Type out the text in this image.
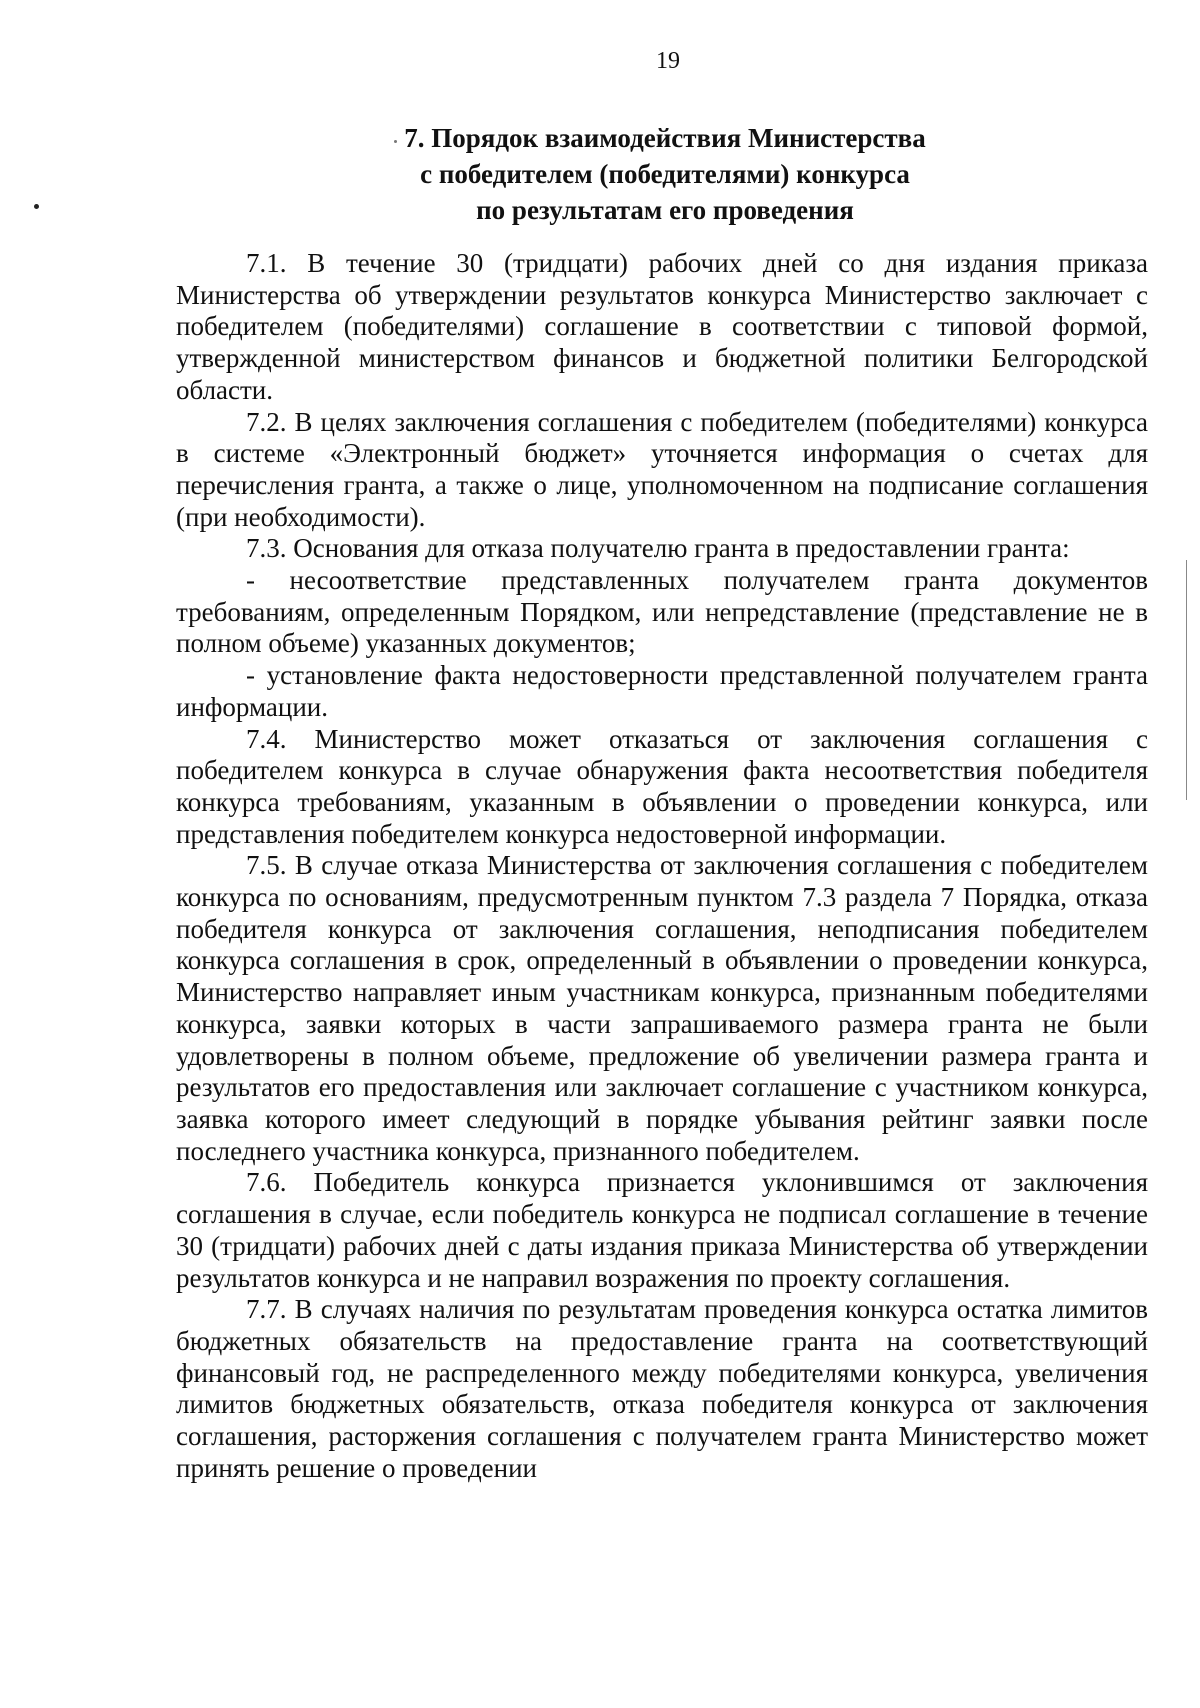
19
7. Порядок взаимодействия Министерства
с победителем (победителями) конкурса
по результатам его проведения

7.1. В течение 30 (тридцати) рабочих дней со дня издания приказа Министерства об утверждении результатов конкурса Министерство заключает с победителем (победителями) соглашение в соответствии с типовой формой, утвержденной министерством финансов и бюджетной политики Белгородской области.

7.2. В целях заключения соглашения с победителем (победителями) конкурса в системе «Электронный бюджет» уточняется информация о счетах для перечисления гранта, а также о лице, уполномоченном на подписание соглашения (при необходимости).

7.3. Основания для отказа получателю гранта в предоставлении гранта:

- несоответствие представленных получателем гранта документов требованиям, определенным Порядком, или непредставление (представление не в полном объеме) указанных документов;

- установление факта недостоверности представленной получателем гранта информации.

7.4. Министерство может отказаться от заключения соглашения с победителем конкурса в случае обнаружения факта несоответствия победителя конкурса требованиям, указанным в объявлении о проведении конкурса, или представления победителем конкурса недостоверной информации.

7.5. В случае отказа Министерства от заключения соглашения с победителем конкурса по основаниям, предусмотренным пунктом 7.3 раздела 7 Порядка, отказа победителя конкурса от заключения соглашения, неподписания победителем конкурса соглашения в срок, определенный в объявлении о проведении конкурса, Министерство направляет иным участникам конкурса, признанным победителями конкурса, заявки которых в части запрашиваемого размера гранта не были удовлетворены в полном объеме, предложение об увеличении размера гранта и результатов его предоставления или заключает соглашение с участником конкурса, заявка которого имеет следующий в порядке убывания рейтинг заявки после последнего участника конкурса, признанного победителем.

7.6. Победитель конкурса признается уклонившимся от заключения соглашения в случае, если победитель конкурса не подписал соглашение в течение 30 (тридцати) рабочих дней с даты издания приказа Министерства об утверждении результатов конкурса и не направил возражения по проекту соглашения.

7.7. В случаях наличия по результатам проведения конкурса остатка лимитов бюджетных обязательств на предоставление гранта на соответствующий финансовый год, не распределенного между победителями конкурса, увеличения лимитов бюджетных обязательств, отказа победителя конкурса от заключения соглашения, расторжения соглашения с получателем гранта Министерство может принять решение о проведении
